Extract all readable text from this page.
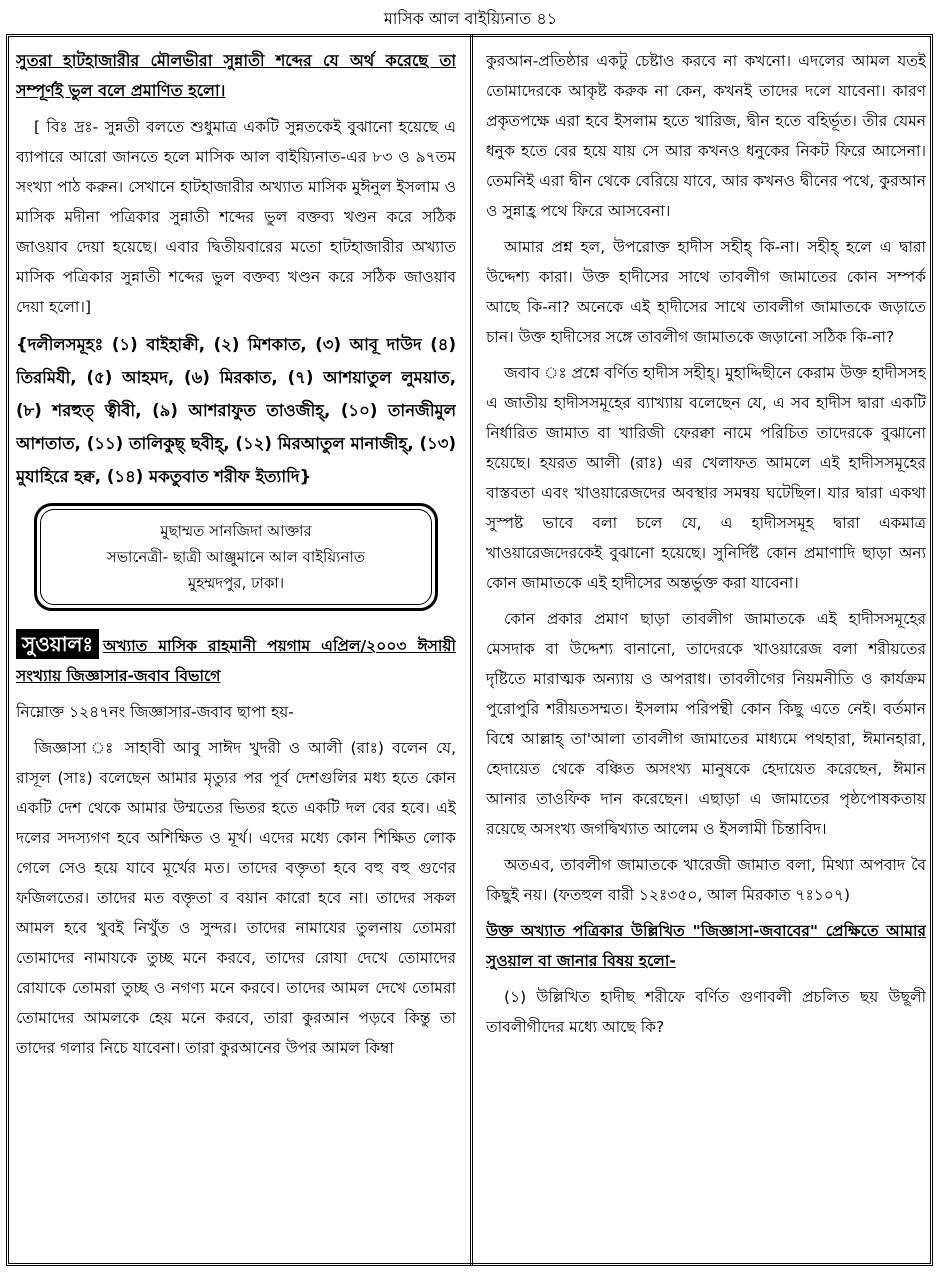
মাসিক আল বাইয়্যিনাত ৪১

সুতরা হাটহাজারীর মৌলভীরা সুন্নাতী শব্দের যে অর্থ করেছে তা সম্পূর্ণই ভুল বলে প্রমাণিত হলো।

[ বিঃ দ্রঃ- সুন্নতী বলতে শুধুমাত্র একটি সুন্নতকেই বুঝানো হয়েছে এ ব্যাপারে আরো জানতে হলে মাসিক আল বাইয়্যিনাত-এর ৮৩ ও ৯৭তম সংখ্যা পাঠ করুন। সেখানে হাটহাজারীর অখ্যাত মাসিক মুঈনুল ইসলাম ও মাসিক মদীনা পত্রিকার সুন্নাতী শব্দের ভুল বক্তব্য খণ্ডন করে সঠিক জাওয়াব দেয়া হয়েছে। এবার দ্বিতীয়বারের মতো হাটহাজারীর অখ্যাত মাসিক পত্রিকার সুন্নাতী শব্দের ভুল বক্তব্য খণ্ডন করে সঠিক জাওয়াব দেয়া হলো।]

{দলীলসমূহঃ (১) বাইহাক্বী, (২) মিশকাত, (৩) আবূ দাউদ (৪) তিরমিযী, (৫) আহমদ, (৬) মিরকাত, (৭) আশয়াতুল লুময়াত, (৮) শরহুত্ ত্বীবী, (৯) আশরাফুত তাওজীহ্, (১০) তানজীমুল আশতাত, (১১) তালিকুছ্ ছবীহ্, (১২) মিরআতুল মানাজীহ্, (১৩) মুযাহিরে হক্ব, (১৪) মকতুবাত শরীফ ইত্যাদি}

মুছাম্মত সানজিদা আক্তার
সভানেত্রী- ছাত্রী আঞ্জুমানে আল বাইয়্যিনাত
মুহম্মদপুর, ঢাকা।

সুওয়ালঃ অখ্যাত মাসিক রাহমানী পয়গাম এপ্রিল/২০০৩ ঈসায়ী সংখ্যায় জিজ্ঞাসার-জবাব বিভাগে

নিম্নোক্ত ১২৪৭নং জিজ্ঞাসার-জবাব ছাপা হয়-

জিজ্ঞাসা ঃ সাহাবী আবু সাঈদ খুদরী ও আলী (রাঃ) বলেন যে, রাসূল (সাঃ) বলেছেন আমার মৃত্যুর পর পূর্ব দেশগুলির মধ্য হতে কোন একটি দেশ থেকে আমার উম্মতের ভিতর হতে একটি দল বের হবে। এই দলের সদস্যগণ হবে অশিক্ষিত ও মূর্খ। এদের মধ্যে কোন শিক্ষিত লোক গেলে সেও হয়ে যাবে মূর্খের মত। তাদের বক্তৃতা হবে বহু বহু গুণের ফজিলতের। তাদের মত বক্তৃতা ব বয়ান কারো হবে না। তাদের সকল আমল হবে খুবই নিখুঁত ও সুন্দর। তাদের নামাযের তুলনায় তোমরা তোমাদের নামাযকে তুচ্ছ মনে করবে, তাদের রোযা দেখে তোমাদের রোযাকে তোমরা তুচ্ছ ও নগণ্য মনে করবে। তাদের আমল দেখে তোমরা তোমাদের আমলকে হেয় মনে করবে, তারা কুরআন পড়বে কিন্তু তা তাদের গলার নিচে যাবেনা। তারা কুরআনের উপর আমল কিম্বা

কুরআন-প্রতিষ্ঠার একটু চেষ্টাও করবে না কখনো। এদলের আমল যতই তোমাদেরকে আকৃষ্ট করুক না কেন, কখনই তাদের দলে যাবেনা। কারণ প্রকৃতপক্ষে এরা হবে ইসলাম হতে খারিজ, দ্বীন হতে বহির্ভূত। তীর যেমন ধনুক হতে বের হয়ে যায় সে আর কখনও ধনুকের নিকট ফিরে আসেনা। তেমনিই এরা দ্বীন থেকে বেরিয়ে যাবে, আর কখনও দ্বীনের পথে, কুরআন ও সুন্নাহ্র পথে ফিরে আসবেনা।

আমার প্রশ্ন হল, উপরোক্ত হাদীস সহীহ্ কি-না। সহীহ্ হলে এ দ্বারা উদ্দেশ্য কারা। উক্ত হাদীসের সাথে তাবলীগ জামাতের কোন সম্পর্ক আছে কি-না? অনেকে এই হাদীসের সাথে তাবলীগ জামাতকে জড়াতে চান। উক্ত হাদীসের সঙ্গে তাবলীগ জামাতকে জড়ানো সঠিক কি-না?

জবাব ঃ প্রশ্নে বর্ণিত হাদীস সহীহ্। মুহাদ্দিছীনে কেরাম উক্ত হাদীসসহ এ জাতীয় হাদীসসমূহের ব্যাখ্যায় বলেছেন যে, এ সব হাদীস দ্বারা একটি নির্ধারিত জামাত বা খারিজী ফেরক্বা নামে পরিচিত তাদেরকে বুঝানো হয়েছে। হযরত আলী (রাঃ) এর খেলাফত আমলে এই হাদীসসমূহের বাস্তবতা এবং খাওয়ারেজদের অবস্থার সমন্বয় ঘটেছিল। যার দ্বারা একথা সুস্পষ্ট ভাবে বলা চলে যে, এ হাদীসসমূহ দ্বারা একমাত্র খাওয়ারেজদেরকেই বুঝানো হয়েছে। সুনির্দিষ্ট কোন প্রমাণাদি ছাড়া অন্য কোন জামাতকে এই হাদীসের অন্তর্ভুক্ত করা যাবেনা।

কোন প্রকার প্রমাণ ছাড়া তাবলীগ জামাতকে এই হাদীসসমূহের মেসদাক বা উদ্দেশ্য বানানো, তাদেরকে খাওয়ারেজ বলা শরীয়তের দৃষ্টিতে মারাত্মক অন্যায় ও অপরাধ। তাবলীগের নিয়মনীতি ও কার্যক্রম পুরোপুরি শরীয়তসম্মত। ইসলাম পরিপন্থী কোন কিছু এতে নেই। বর্তমান বিশ্বে আল্লাহ্ তা'আলা তাবলীগ জামাতের মাধ্যমে পথহারা, ঈমানহারা, হেদায়েত থেকে বঞ্চিত অসংখ্য মানুষকে হেদায়েত করেছেন, ঈমান আনার তাওফিক দান করেছেন। এছাড়া এ জামাতের পৃষ্ঠপোষকতায় রয়েছে অসংখ্য জগদ্বিখ্যাত আলেম ও ইসলামী চিন্তাবিদ।

অতএব, তাবলীগ জামাতকে খারেজী জামাত বলা, মিথ্যা অপবাদ বৈ কিছুই নয়। (ফতহুল বারী ১২ঃ৩৫০, আল মিরকাত ৭ঃ১০৭)

উক্ত অখ্যাত পত্রিকার উল্লিখিত "জিজ্ঞাসা-জবাবের" প্রেক্ষিতে আমার সুওয়াল বা জানার বিষয় হলো-

(১) উল্লিখিত হাদীছ শরীফে বর্ণিত গুণাবলী প্রচলিত ছয় উছূলী তাবলীগীদের মধ্যে আছে কি?
